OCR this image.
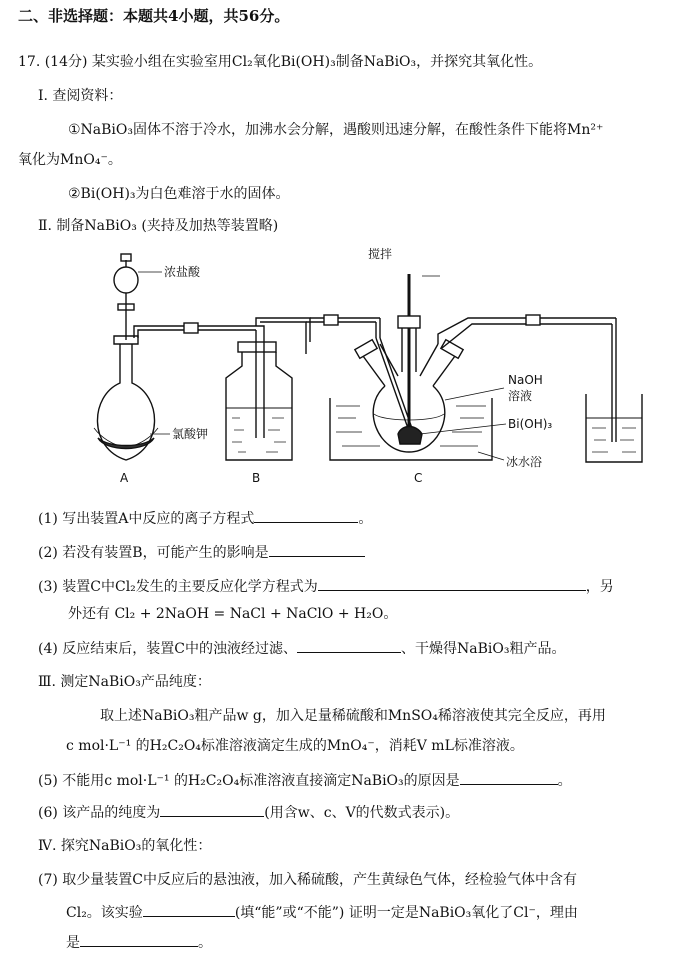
二、非选择题：本题共4小题，共56分。
17. (14分) 某实验小组在实验室用Cl₂氧化Bi(OH)₃制备NaBiO₃，并探究其氧化性。
Ⅰ. 查阅资料：
①NaBiO₃固体不溶于冷水，加沸水会分解，遇酸则迅速分解，在酸性条件下能将Mn²⁺
氧化为MnO₄⁻。
②Bi(OH)₃为白色难溶于水的固体。
Ⅱ. 制备NaBiO₃ (夹持及加热等装置略)
浓盐酸
氯酸钾
搅拌
NaOH
溶液
Bi(OH)₃
冰水浴
A	B	C
(1) 写出装置A中反应的离子方程式	。
(2) 若没有装置B，可能产生的影响是
(3) 装置C中Cl₂发生的主要反应化学方程式为	，另
外还有 Cl₂ + 2NaOH = NaCl + NaClO + H₂O。
(4) 反应结束后，装置C中的浊液经过滤、	、干燥得NaBiO₃粗产品。
Ⅲ. 测定NaBiO₃产品纯度：
取上述NaBiO₃粗产品w g，加入足量稀硫酸和MnSO₄稀溶液使其完全反应，再用
c mol·L⁻¹ 的H₂C₂O₄标准溶液滴定生成的MnO₄⁻，消耗V mL标准溶液。
(5) 不能用c mol·L⁻¹ 的H₂C₂O₄标准溶液直接滴定NaBiO₃的原因是	。
(6) 该产品的纯度为	(用含w、c、V的代数式表示)。
Ⅳ. 探究NaBiO₃的氧化性：
(7) 取少量装置C中反应后的悬浊液，加入稀硫酸，产生黄绿色气体，经检验气体中含有
Cl₂。该实验	(填“能”或“不能”) 证明一定是NaBiO₃氧化了Cl⁻，理由
是	。
